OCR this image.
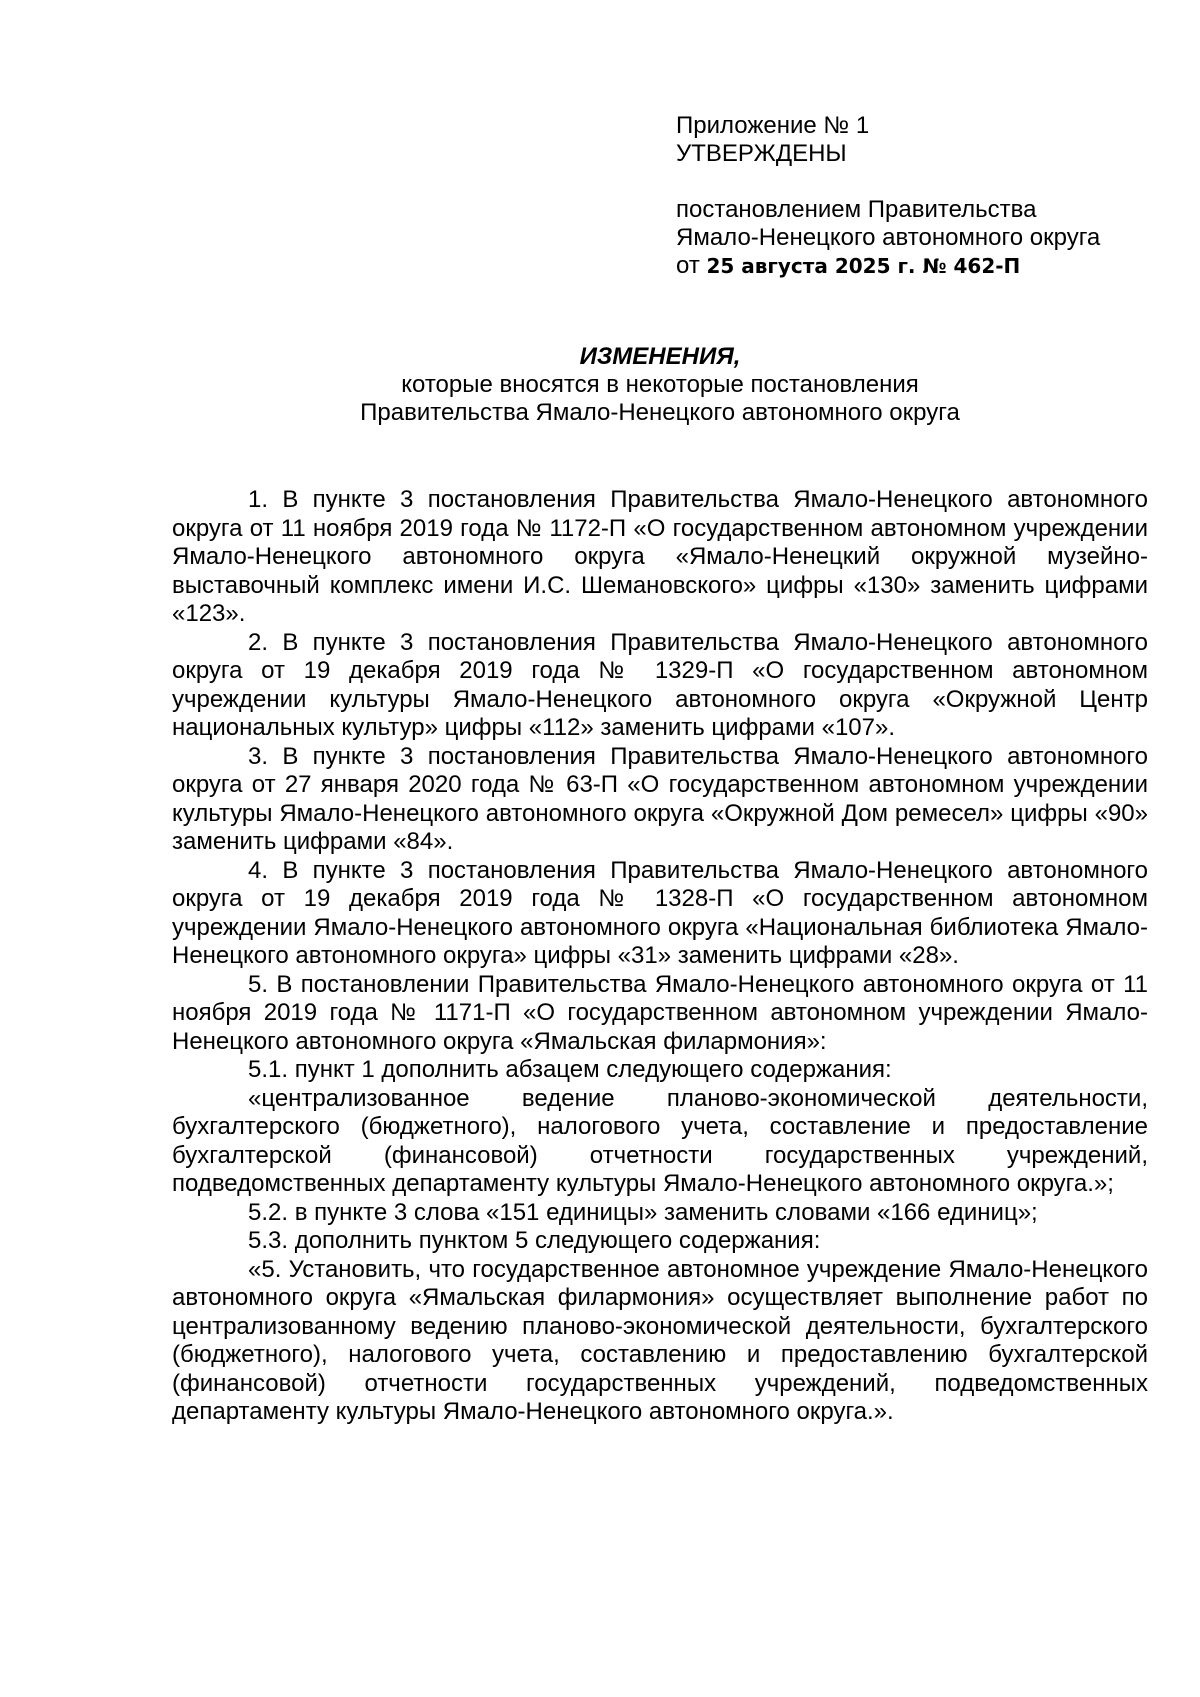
Приложение № 1
УТВЕРЖДЕНЫ
постановлением Правительства
Ямало-Ненецкого автономного округа
от 25 августа 2025 г. № 462-П
ИЗМЕНЕНИЯ,
которые вносятся в некоторые постановления
Правительства Ямало-Ненецкого автономного округа

1. В пункте 3 постановления Правительства Ямало-Ненецкого автономного округа от 11 ноября 2019 года № 1172-П «О государственном автономном учреждении Ямало-Ненецкого автономного округа «Ямало-Ненецкий окружной музейно-выставочный комплекс имени И.С. Шемановского» цифры «130» заменить цифрами «123».

2. В пункте 3 постановления Правительства Ямало-Ненецкого автономного округа от 19 декабря 2019 года № 1329-П «О государственном автономном учреждении культуры Ямало-Ненецкого автономного округа «Окружной Центр национальных культур» цифры «112» заменить цифрами «107».

3. В пункте 3 постановления Правительства Ямало-Ненецкого автономного округа от 27 января 2020 года № 63-П «О государственном автономном учреждении культуры Ямало-Ненецкого автономного округа «Окружной Дом ремесел» цифры «90» заменить цифрами «84».

4. В пункте 3 постановления Правительства Ямало-Ненецкого автономного округа от 19 декабря 2019 года № 1328-П «О государственном автономном учреждении Ямало-Ненецкого автономного округа «Национальная библиотека Ямало-Ненецкого автономного округа» цифры «31» заменить цифрами «28».

5. В постановлении Правительства Ямало-Ненецкого автономного округа от 11 ноября 2019 года № 1171-П «О государственном автономном учреждении Ямало-Ненецкого автономного округа «Ямальская филармония»:

5.1. пункт 1 дополнить абзацем следующего содержания:

«централизованное ведение планово-экономической деятельности, бухгалтерского (бюджетного), налогового учета, составление и предоставление бухгалтерской (финансовой) отчетности государственных учреждений, подведомственных департаменту культуры Ямало-Ненецкого автономного округа.»;

5.2. в пункте 3 слова «151 единицы» заменить словами «166 единиц»;

5.3. дополнить пунктом 5 следующего содержания:

«5. Установить, что государственное автономное учреждение Ямало-Ненецкого автономного округа «Ямальская филармония» осуществляет выполнение работ по централизованному ведению планово-экономической деятельности, бухгалтерского (бюджетного), налогового учета, составлению и предоставлению бухгалтерской (финансовой) отчетности государственных учреждений, подведомственных департаменту культуры Ямало-Ненецкого автономного округа.».
